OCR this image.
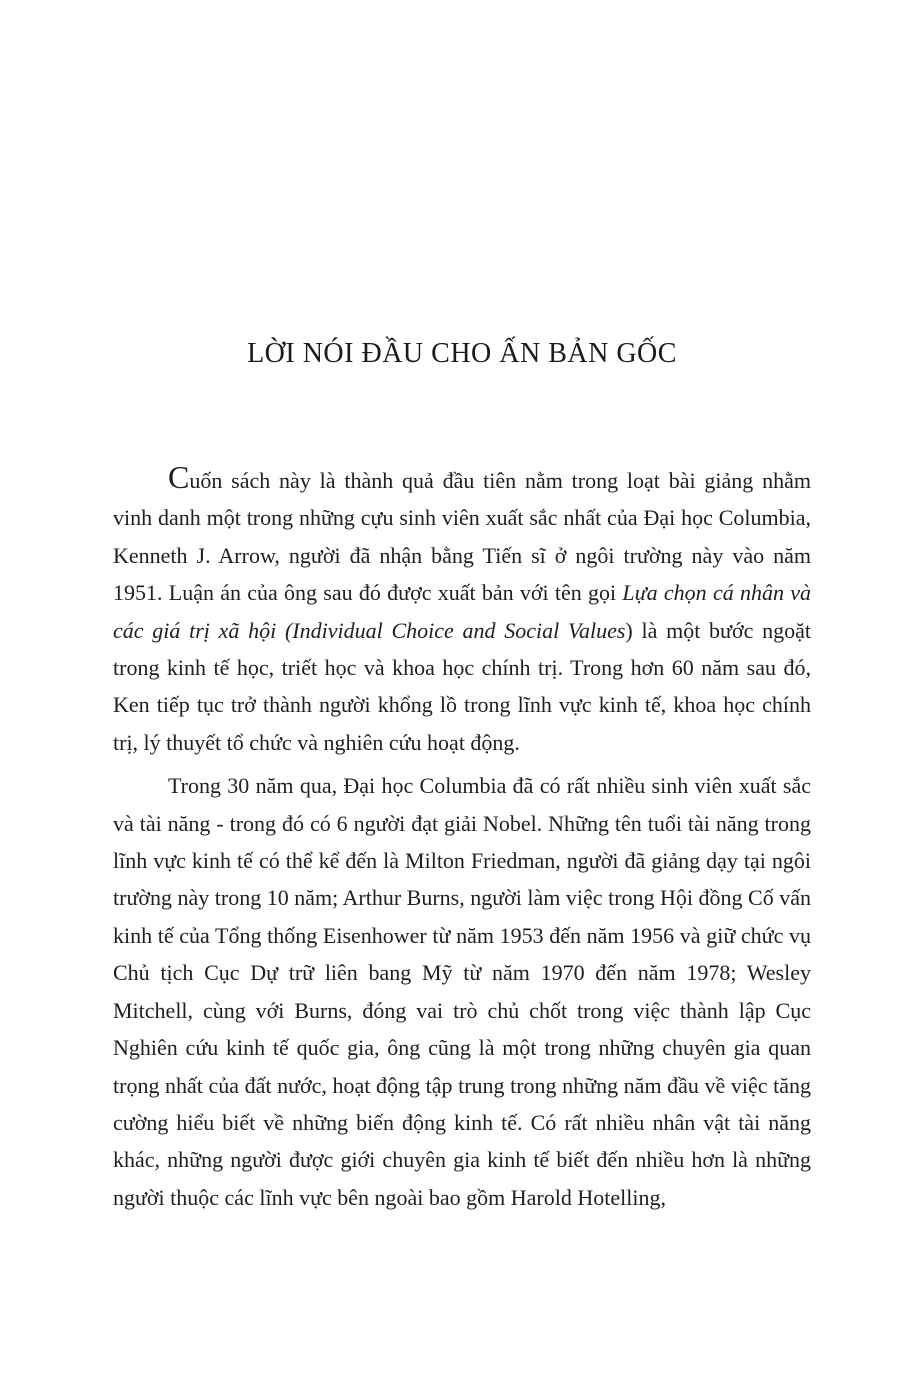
LỜI NÓI ĐẦU CHO ẤN BẢN GỐC

Cuốn sách này là thành quả đầu tiên nằm trong loạt bài giảng nhằm vinh danh một trong những cựu sinh viên xuất sắc nhất của Đại học Columbia, Kenneth J. Arrow, người đã nhận bằng Tiến sĩ ở ngôi trường này vào năm 1951. Luận án của ông sau đó được xuất bản với tên gọi Lựa chọn cá nhân và các giá trị xã hội (Individual Choice and Social Values) là một bước ngoặt trong kinh tế học, triết học và khoa học chính trị. Trong hơn 60 năm sau đó, Ken tiếp tục trở thành người khổng lồ trong lĩnh vực kinh tế, khoa học chính trị, lý thuyết tổ chức và nghiên cứu hoạt động.

Trong 30 năm qua, Đại học Columbia đã có rất nhiều sinh viên xuất sắc và tài năng - trong đó có 6 người đạt giải Nobel. Những tên tuổi tài năng trong lĩnh vực kinh tế có thể kể đến là Milton Friedman, người đã giảng dạy tại ngôi trường này trong 10 năm; Arthur Burns, người làm việc trong Hội đồng Cố vấn kinh tế của Tổng thống Eisenhower từ năm 1953 đến năm 1956 và giữ chức vụ Chủ tịch Cục Dự trữ liên bang Mỹ từ năm 1970 đến năm 1978; Wesley Mitchell, cùng với Burns, đóng vai trò chủ chốt trong việc thành lập Cục Nghiên cứu kinh tế quốc gia, ông cũng là một trong những chuyên gia quan trọng nhất của đất nước, hoạt động tập trung trong những năm đầu về việc tăng cường hiểu biết về những biến động kinh tế. Có rất nhiều nhân vật tài năng khác, những người được giới chuyên gia kinh tế biết đến nhiều hơn là những người thuộc các lĩnh vực bên ngoài bao gồm Harold Hotelling,
